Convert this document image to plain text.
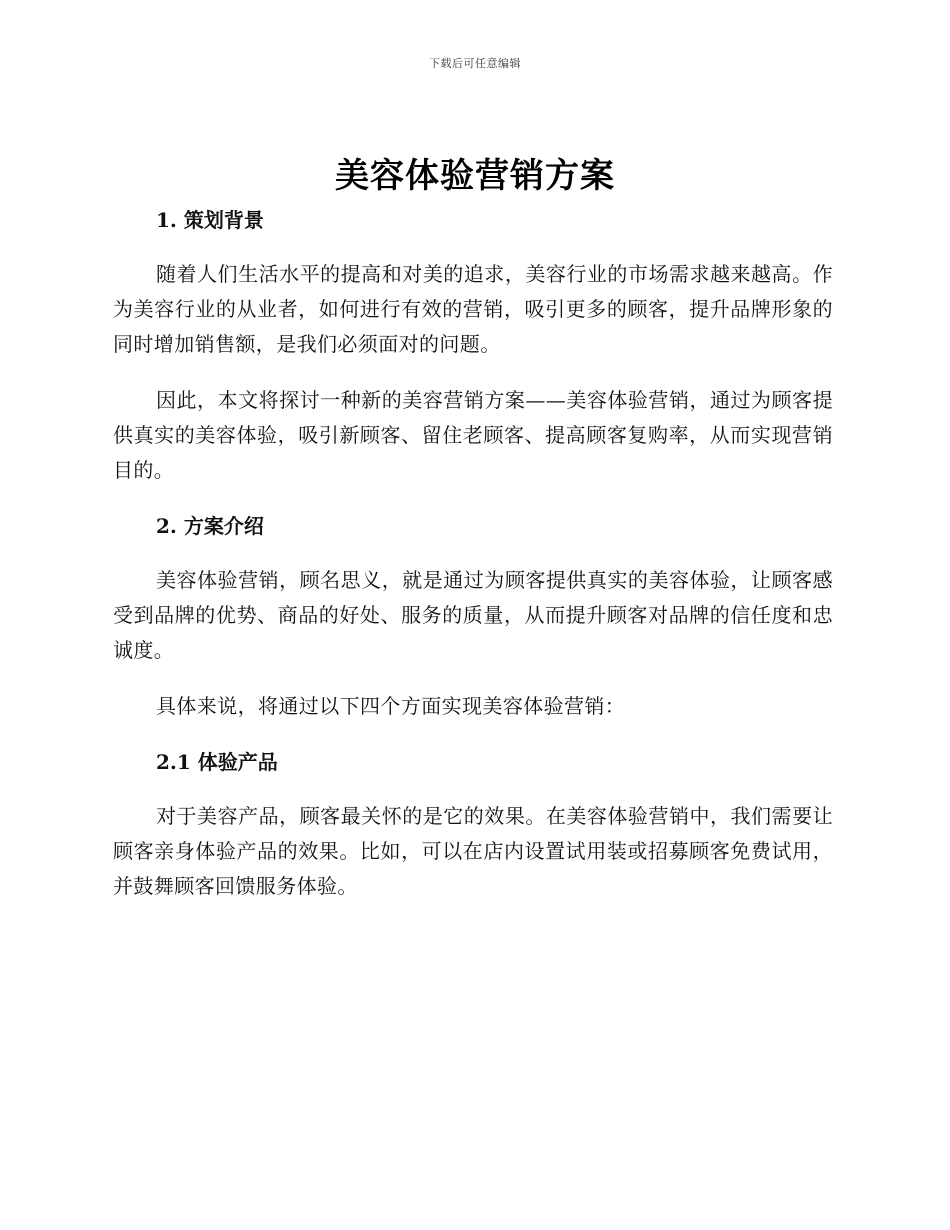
下载后可任意编辑
美容体验营销方案
1. 策划背景

随着人们生活水平的提高和对美的追求，美容行业的市场需求越来越高。作为美容行业的从业者，如何进行有效的营销，吸引更多的顾客，提升品牌形象的同时增加销售额，是我们必须面对的问题。

因此，本文将探讨一种新的美容营销方案——美容体验营销，通过为顾客提供真实的美容体验，吸引新顾客、留住老顾客、提高顾客复购率，从而实现营销目的。

2. 方案介绍

美容体验营销，顾名思义，就是通过为顾客提供真实的美容体验，让顾客感受到品牌的优势、商品的好处、服务的质量，从而提升顾客对品牌的信任度和忠诚度。

具体来说，将通过以下四个方面实现美容体验营销：

2.1 体验产品

对于美容产品，顾客最关怀的是它的效果。在美容体验营销中，我们需要让顾客亲身体验产品的效果。比如，可以在店内设置试用装或招募顾客免费试用，并鼓舞顾客回馈服务体验。
